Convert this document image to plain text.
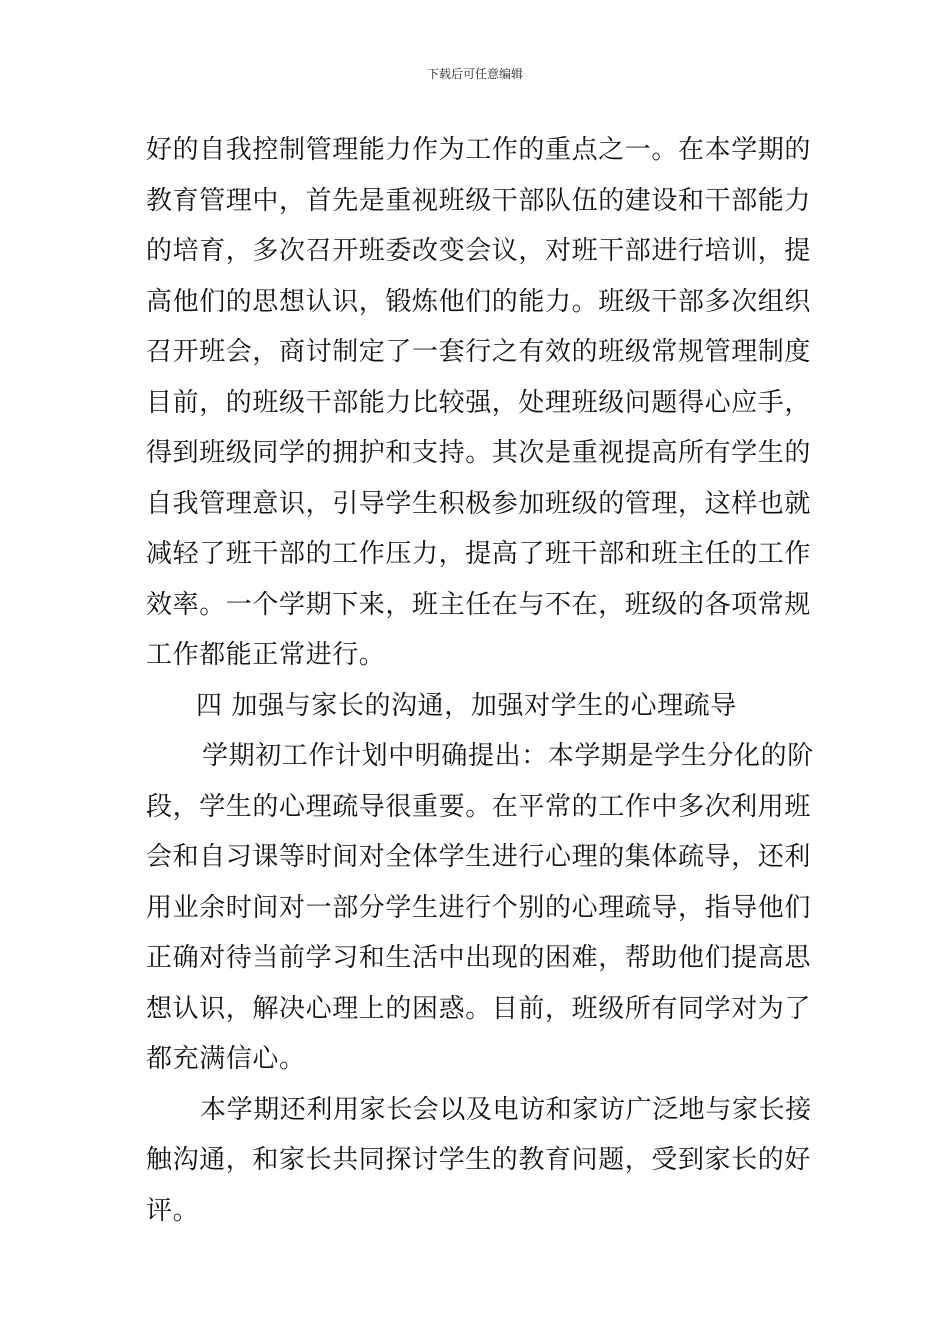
下载后可任意编辑
好的自我控制管理能力作为工作的重点之一。在本学期的
教育管理中，首先是重视班级干部队伍的建设和干部能力
的培育，多次召开班委改变会议，对班干部进行培训，提
高他们的思想认识，锻炼他们的能力。班级干部多次组织
召开班会，商讨制定了一套行之有效的班级常规管理制度
目前，的班级干部能力比较强，处理班级问题得心应手，
得到班级同学的拥护和支持。其次是重视提高所有学生的
自我管理意识，引导学生积极参加班级的管理，这样也就
减轻了班干部的工作压力，提高了班干部和班主任的工作
效率。一个学期下来，班主任在与不在，班级的各项常规
工作都能正常进行。
四 加强与家长的沟通，加强对学生的心理疏导
学期初工作计划中明确提出：本学期是学生分化的阶
段，学生的心理疏导很重要。在平常的工作中多次利用班
会和自习课等时间对全体学生进行心理的集体疏导，还利
用业余时间对一部分学生进行个别的心理疏导，指导他们
正确对待当前学习和生活中出现的困难，帮助他们提高思
想认识，解决心理上的困惑。目前，班级所有同学对为了
都充满信心。
本学期还利用家长会以及电访和家访广泛地与家长接
触沟通，和家长共同探讨学生的教育问题，受到家长的好
评。
